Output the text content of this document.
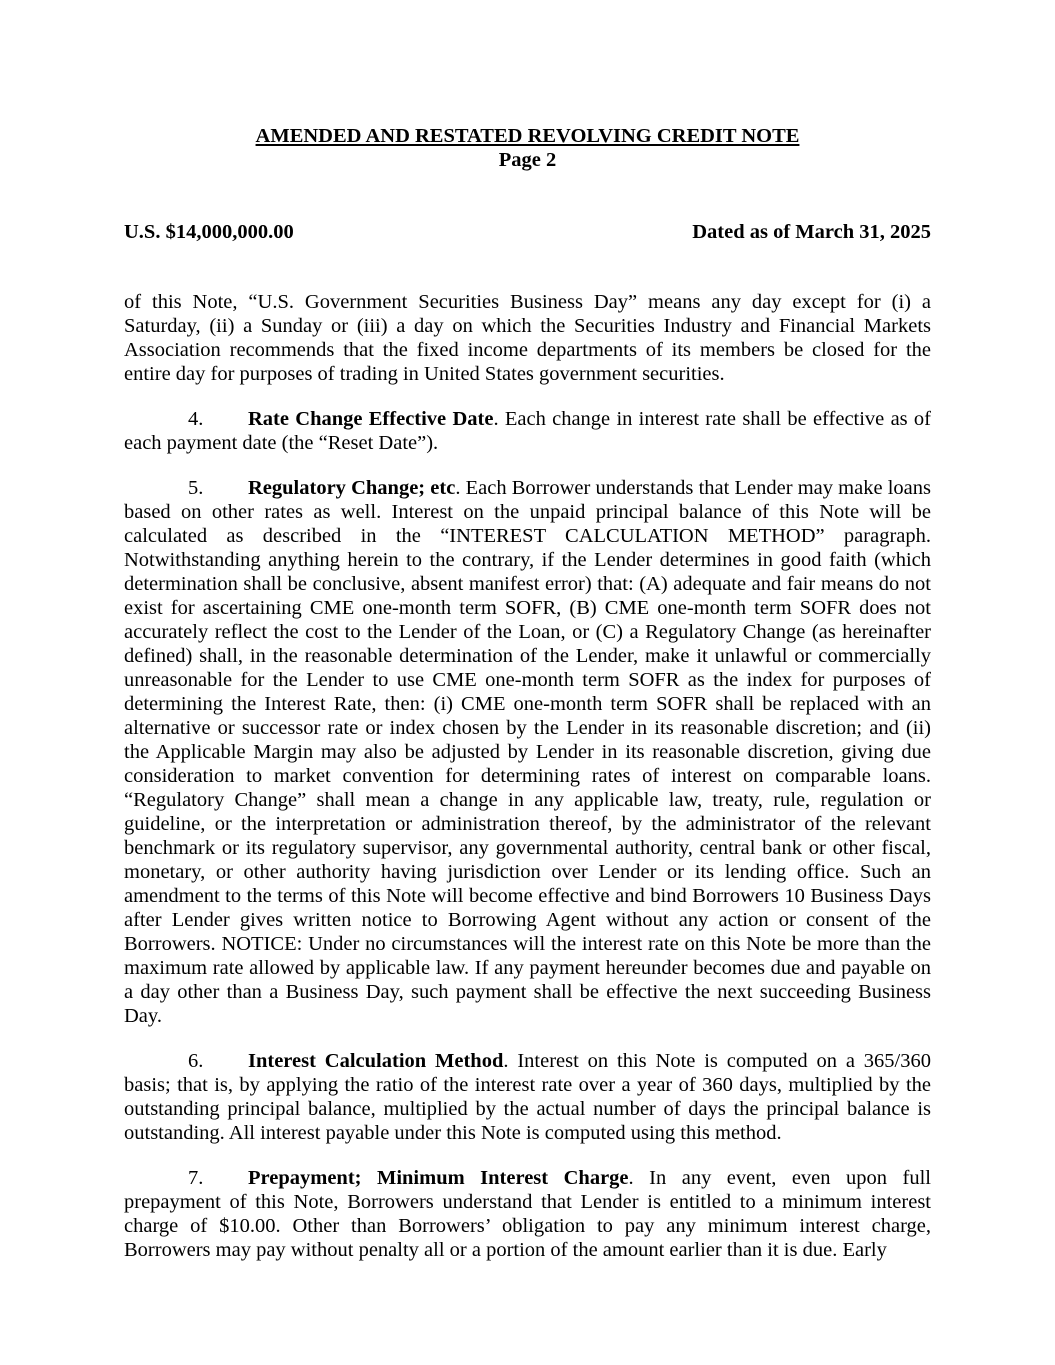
AMENDED AND RESTATED REVOLVING CREDIT NOTE
Page 2
U.S. $14,000,000.00	Dated as of March 31, 2025

of this Note, “U.S. Government Securities Business Day” means any day except for (i) a Saturday, (ii) a Sunday or (iii) a day on which the Securities Industry and Financial Markets Association recommends that the fixed income departments of its members be closed for the entire day for purposes of trading in United States government securities.

4. Rate Change Effective Date. Each change in interest rate shall be effective as of each payment date (the “Reset Date”).

5. Regulatory Change; etc. Each Borrower understands that Lender may make loans based on other rates as well. Interest on the unpaid principal balance of this Note will be calculated as described in the “INTEREST CALCULATION METHOD” paragraph. Notwithstanding anything herein to the contrary, if the Lender determines in good faith (which determination shall be conclusive, absent manifest error) that: (A) adequate and fair means do not exist for ascertaining CME one-month term SOFR, (B) CME one-month term SOFR does not accurately reflect the cost to the Lender of the Loan, or (C) a Regulatory Change (as hereinafter defined) shall, in the reasonable determination of the Lender, make it unlawful or commercially unreasonable for the Lender to use CME one-month term SOFR as the index for purposes of determining the Interest Rate, then: (i) CME one-month term SOFR shall be replaced with an alternative or successor rate or index chosen by the Lender in its reasonable discretion; and (ii) the Applicable Margin may also be adjusted by Lender in its reasonable discretion, giving due consideration to market convention for determining rates of interest on comparable loans. “Regulatory Change” shall mean a change in any applicable law, treaty, rule, regulation or guideline, or the interpretation or administration thereof, by the administrator of the relevant benchmark or its regulatory supervisor, any governmental authority, central bank or other fiscal, monetary, or other authority having jurisdiction over Lender or its lending office. Such an amendment to the terms of this Note will become effective and bind Borrowers 10 Business Days after Lender gives written notice to Borrowing Agent without any action or consent of the Borrowers. NOTICE: Under no circumstances will the interest rate on this Note be more than the maximum rate allowed by applicable law. If any payment hereunder becomes due and payable on a day other than a Business Day, such payment shall be effective the next succeeding Business Day.

6. Interest Calculation Method. Interest on this Note is computed on a 365/360 basis; that is, by applying the ratio of the interest rate over a year of 360 days, multiplied by the outstanding principal balance, multiplied by the actual number of days the principal balance is outstanding. All interest payable under this Note is computed using this method.

7. Prepayment; Minimum Interest Charge. In any event, even upon full prepayment of this Note, Borrowers understand that Lender is entitled to a minimum interest charge of $10.00. Other than Borrowers’ obligation to pay any minimum interest charge, Borrowers may pay without penalty all or a portion of the amount earlier than it is due. Early
